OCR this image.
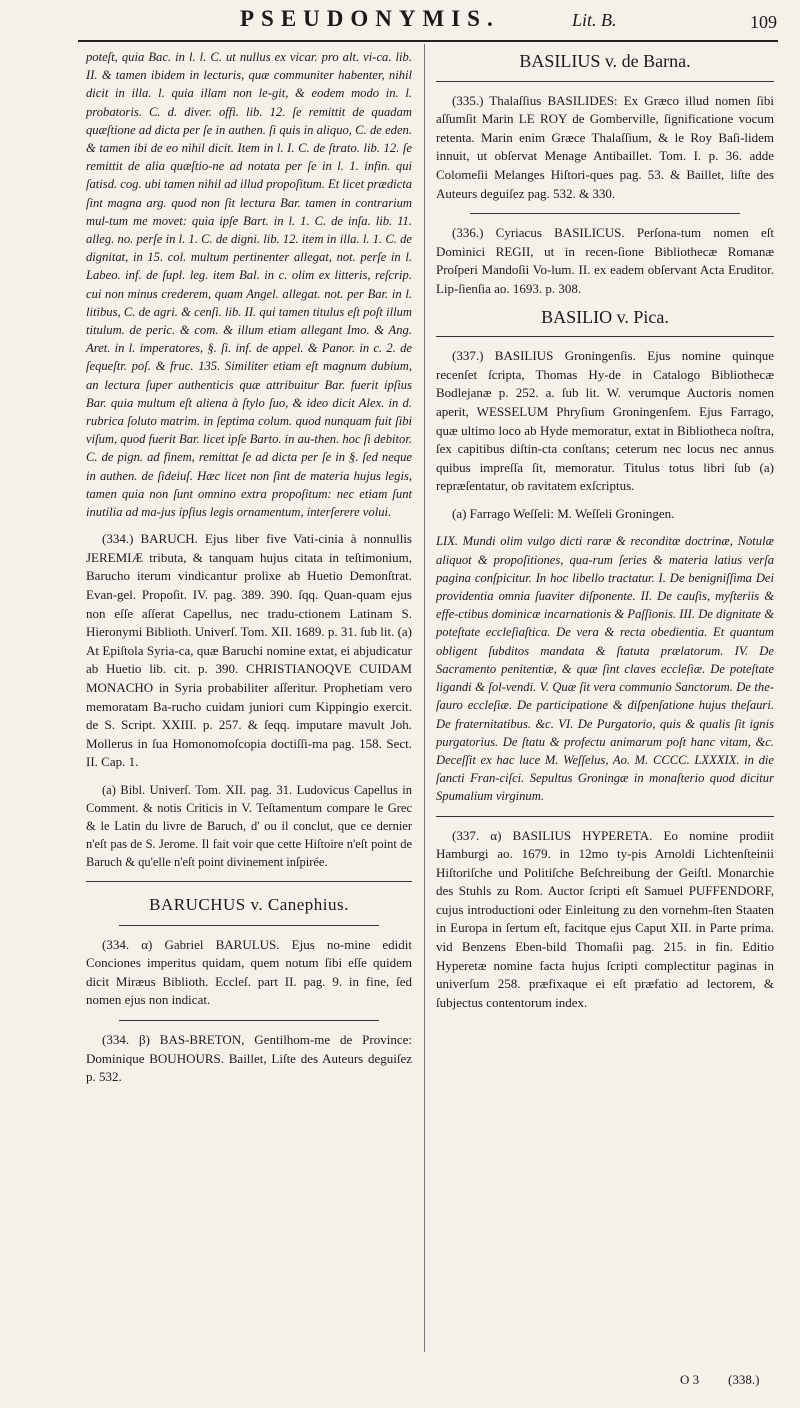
PSEUDONYMIS.	Lit. B.	109

poteſt, quia Bac. in l. l. C. ut nullus ex vicar. pro alt. vi-ca. lib. II. & tamen ibidem in lecturis, quæ communiter habenter, nihil dicit in illa. l. quia illam non le-git, & eodem modo in. l. probatoris. C. d. diver. offi. lib. 12. ſe remittit de quadam quæſtione ad dicta per ſe in authen. ſi quis in aliquo, C. de eden. & tamen ibi de eo nihil dicit. Item in l. I. C. de ſtrato. lib. 12. ſe remittit de alia quæſtio-ne ad notata per ſe in l. 1. infin. qui ſatisd. cog. ubi tamen nihil ad illud propoſitum. Et licet prædicta ſint magna arg. quod non ſit lectura Bar. tamen in contrarium mul-tum me movet: quia ipſe Bart. in l. 1. C. de inſa. lib. 11. alleg. no. perſe in l. 1. C. de digni. lib. 12. item in illa. l. 1. C. de dignitat, in 15. col. multum pertinenter allegat, not. perſe in l. Labeo. inf. de ſupl. leg. item Bal. in c. olim ex litteris, reſcrip. cui non minus crederem, quam Angel. allegat. not. per Bar. in l. litibus, C. de agri. & cenſi. lib. II. qui tamen titulus eſt poſt illum titulum. de peric. & com. & illum etiam allegant Imo. & Ang. Aret. in l. imperatores, §. ſi. inf. de appel. & Panor. in c. 2. de ſequeſtr. poſ. & fruc. 135. Similiter etiam eſt magnum dubium, an lectura ſuper authenticis quæ attribuitur Bar. fuerit ipſius Bar. quia multum eſt aliena à ſtylo ſuo, & ideo dicit Alex. in d. rubrica ſoluto matrim. in ſeptima colum. quod nunquam fuit ſibi viſum, quod fuerit Bar. licet ipſe Barto. in au-then. hoc ſi debitor. C. de pign. ad finem, remittat ſe ad dicta per ſe in §. ſed neque in authen. de ſideiuſ. Hæc licet non ſint de materia hujus legis, tamen quia non ſunt omnino extra propoſitum: nec etiam ſunt inutilia ad ma-jus ipſius legis ornamentum, interſerere volui.

(334.) BARUCH. Ejus liber five Vati-cinia à nonnullis JEREMIÆ tributa, & tanquam hujus citata in teſtimonium, Barucho iterum vindicantur prolixe ab Huetio Demonſtrat. Evan-gel. Propoſit. IV. pag. 389. 390. ſqq. Quan-quam ejus non eſſe aſſerat Capellus, nec tradu-ctionem Latinam S. Hieronymi Biblioth. Univerſ. Tom. XII. 1689. p. 31. ſub lit. (a) At Epiſtola Syria-ca, quæ Baruchi nomine extat, ei abjudicatur ab Huetio lib. cit. p. 390. CHRISTIANOQVE CUIDAM MONACHO in Syria probabiliter aſſeritur. Prophetiam vero memoratam Ba-rucho cuidam juniori cum Kippingio exercit. de S. Script. XXIII. p. 257. & ſeqq. imputare mavult Joh. Mollerus in ſua Homonomoſcopia doctiſſi-ma pag. 158. Sect. II. Cap. 1.

(a) Bibl. Univerſ. Tom. XII. pag. 31. Ludovicus Capellus in Comment. & notis Criticis in V. Teſtamentum compare le Grec & le Latin du livre de Baruch, d' ou il conclut, que ce dernier n'eſt pas de S. Jerome. Il fait voir que cette Hiſtoire n'eſt point de Baruch & qu'elle n'eſt point divinement inſpirée.

BARUCHUS v. Canephius.

(334. α) Gabriel BARULUS. Ejus no-mine edidit Conciones imperitus quidam, quem notum ſibi eſſe quidem dicit Miræus Biblioth. Eccleſ. part II. pag. 9. in fine, ſed nomen ejus non indicat.

(334. β) BAS-BRETON, Gentilhom-me de Province: Dominique BOUHOURS. Baillet, Liſte des Auteurs deguiſez p. 532.

BASILIUS v. de Barna.

(335.) Thalaſſius BASILIDES: Ex Græco illud nomen ſibi aſſumſit Marin LE ROY de Gomberville, ſignificatione vocum retenta. Marin enim Græce Thalaſſium, & le Roy Baſi-lidem innuit, ut obſervat Menage Antibaillet. Tom. I. p. 36. adde Colomeſii Melanges Hiſtori-ques pag. 53. & Baillet, liſte des Auteurs deguiſez pag. 532. & 330.

(336.) Cyriacus BASILICUS. Perſona-tum nomen eſt Dominici REGII, ut in recen-ſione Bibliothecæ Romanæ Proſperi Mandoſii Vo-lum. II. ex eadem obſervant Acta Eruditor. Lip-ſienſia ao. 1693. p. 308.

BASILIO v. Pica.

(337.) BASILIUS Groningenſis. Ejus nomine quinque recenſet ſcripta, Thomas Hy-de in Catalogo Bibliothecæ Bodlejanæ p. 252. a. ſub lit. W. verumque Auctoris nomen aperit, WESSELUM Phryſium Groningenſem. Ejus Farrago, quæ ultimo loco ab Hyde memoratur, extat in Bibliotheca noſtra, ſex capitibus diſtin-cta conſtans; ceterum nec locus nec annus quibus impreſſa ſit, memoratur. Titulus totus libri ſub (a) repræſentatur, ob ravitatem exſcriptus.

(a) Farrago Weſſeli: M. Weſſeli Groningen.

LIX. Mundi olim vulgo dicti raræ & reconditæ doctrinæ, Notulæ aliquot & propoſitiones, qua-rum ſeries & materia latius verſa pagina conſpicitur. In hoc libello tractatur. I. De benigniſſima Dei providentia omnia ſuaviter diſponente. II. De cauſis, myſteriis & effe-ctibus dominicæ incarnationis & Paſſionis. III. De dignitate & poteſtate eccleſiaſtica. De vera & recta obedientia. Et quantum obligent ſubditos mandata & ſtatuta prælatorum. IV. De Sacramento penitentiæ, & quæ ſint claves eccleſiæ. De poteſtate ligandi & ſol-vendi. V. Quæ ſit vera communio Sanctorum. De the-ſauro eccleſiæ. De participatione & diſpenſatione hujus theſauri. De fraternitatibus. &c. VI. De Purgatorio, quis & qualis ſit ignis purgatorius. De ſtatu & profectu animarum poſt hanc vitam, &c. Deceſſit ex hac luce M. Weſſelus, Ao. M. CCCC. LXXXIX. in die ſancti Fran-ciſci. Sepultus Groningæ in monaſterio quod dicitur Spumalium virginum.

(337. α) BASILIUS HYPERETA. Eo nomine prodiit Hamburgi ao. 1679. in 12mo ty-pis Arnoldi Lichtenſteinii Hiſtoriſche und Politiſche Beſchreibung der Geiſtl. Monarchie des Stuhls zu Rom. Auctor ſcripti eſt Samuel PUFFENDORF, cujus introductioni oder Einleitung zu den vornehm-ſten Staaten in Europa in ſertum eſt, facitque ejus Caput XII. in Parte prima. vid Benzens Eben-bild Thomaſii pag. 215. in fin. Editio Hyperetæ nomine facta hujus ſcripti complectitur paginas in univerſum 258. præfixaque ei eſt præfatio ad lectorem, & ſubjectus contentorum index.

O 3 (338.)
